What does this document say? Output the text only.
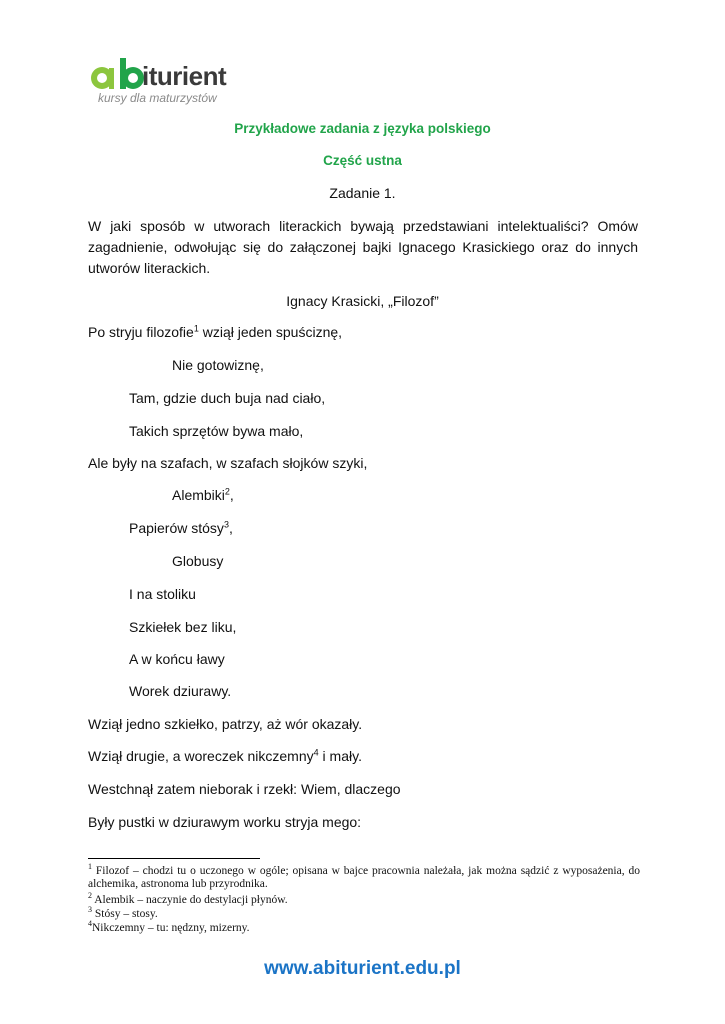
iturient
kursy dla maturzystów
Przykładowe zadania z języka polskiego
Część ustna
Zadanie 1.
W jaki sposób w utworach literackich bywają przedstawiani intelektualiści? Omów zagadnienie, odwołując się do załączonej bajki Ignacego Krasickiego oraz do innych utworów literackich.
Ignacy Krasicki, „Filozof”
Po stryju filozofie$^1$ wziął jeden spuściznę,
Nie gotowiznę,
Tam, gdzie duch buja nad ciało,
Takich sprzętów bywa mało,
Ale były na szafach, w szafach słojków szyki,
Alembiki$^2$,
Papierów stósy$^3$,
Globusy
I na stoliku
Szkiełek bez liku,
A w końcu ławy
Worek dziurawy.
Wziął jedno szkiełko, patrzy, aż wór okazały.
Wziął drugie, a woreczek nikczemny$^4$ i mały.
Westchnął zatem nieborak i rzekł: Wiem, dlaczego
Były pustki w dziurawym worku stryja mego:
$^1$ Filozof – chodzi tu o uczonego w ogóle; opisana w bajce pracownia należała, jak można sądzić z wyposażenia, do alchemika, astronoma lub przyrodnika.
$^2$ Alembik – naczynie do destylacji płynów.
$^3$ Stósy – stosy.
$^4$Nikczemny – tu: nędzny, mizerny.
www.abiturient.edu.pl
